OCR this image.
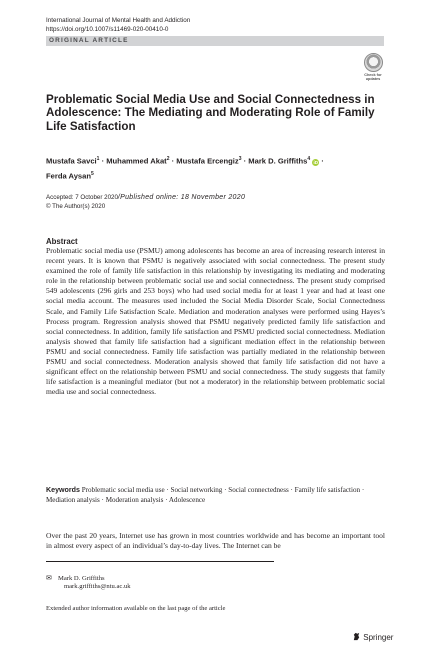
International Journal of Mental Health and Addiction
https://doi.org/10.1007/s11469-020-00410-0
ORIGINAL ARTICLE
Check for
updates
Problematic Social Media Use and Social Connectedness in Adolescence: The Mediating and Moderating Role of Family Life Satisfaction
Mustafa Savci$^1$ · Muhammed Akat$^2$ · Mustafa Ercengiz$^3$ · Mark D. Griffiths$^4$ iD ·
Ferda Aysan$^5$
Accepted: 7 October 2020/Published online: 18 November 2020
© The Author(s) 2020
Abstract
Problematic social media use (PSMU) among adolescents has become an area of increasing research interest in recent years. It is known that PSMU is negatively associated with social connectedness. The present study examined the role of family life satisfaction in this relationship by investigating its mediating and moderating role in the relationship between problematic social use and social connectedness. The present study comprised 549 adolescents (296 girls and 253 boys) who had used social media for at least 1 year and had at least one social media account. The measures used included the Social Media Disorder Scale, Social Connectedness Scale, and Family Life Satisfaction Scale. Mediation and moderation analyses were performed using Hayes’s Process program. Regression analysis showed that PSMU negatively predicted family life satisfaction and social connectedness. In addition, family life satisfaction and PSMU predicted social connectedness. Mediation analysis showed that family life satisfaction had a significant mediation effect in the relationship between PSMU and social connectedness. Family life satisfaction was partially mediated in the relationship between PSMU and social connectedness. Moderation analysis showed that family life satisfaction did not have a significant effect on the relationship between PSMU and social connectedness. The study suggests that family life satisfaction is a meaningful mediator (but not a moderator) in the relationship between problematic social media use and social connectedness.
Keywords Problematic social media use · Social networking · Social connectedness · Family life satisfaction · Mediation analysis · Moderation analysis · Adolescence
Over the past 20 years, Internet use has grown in most countries worldwide and has become an important tool in almost every aspect of an individual’s day-to-day lives. The Internet can be
✉ Mark D. Griffiths
mark.griffiths@ntu.ac.uk
Extended author information available on the last page of the article
Springer
